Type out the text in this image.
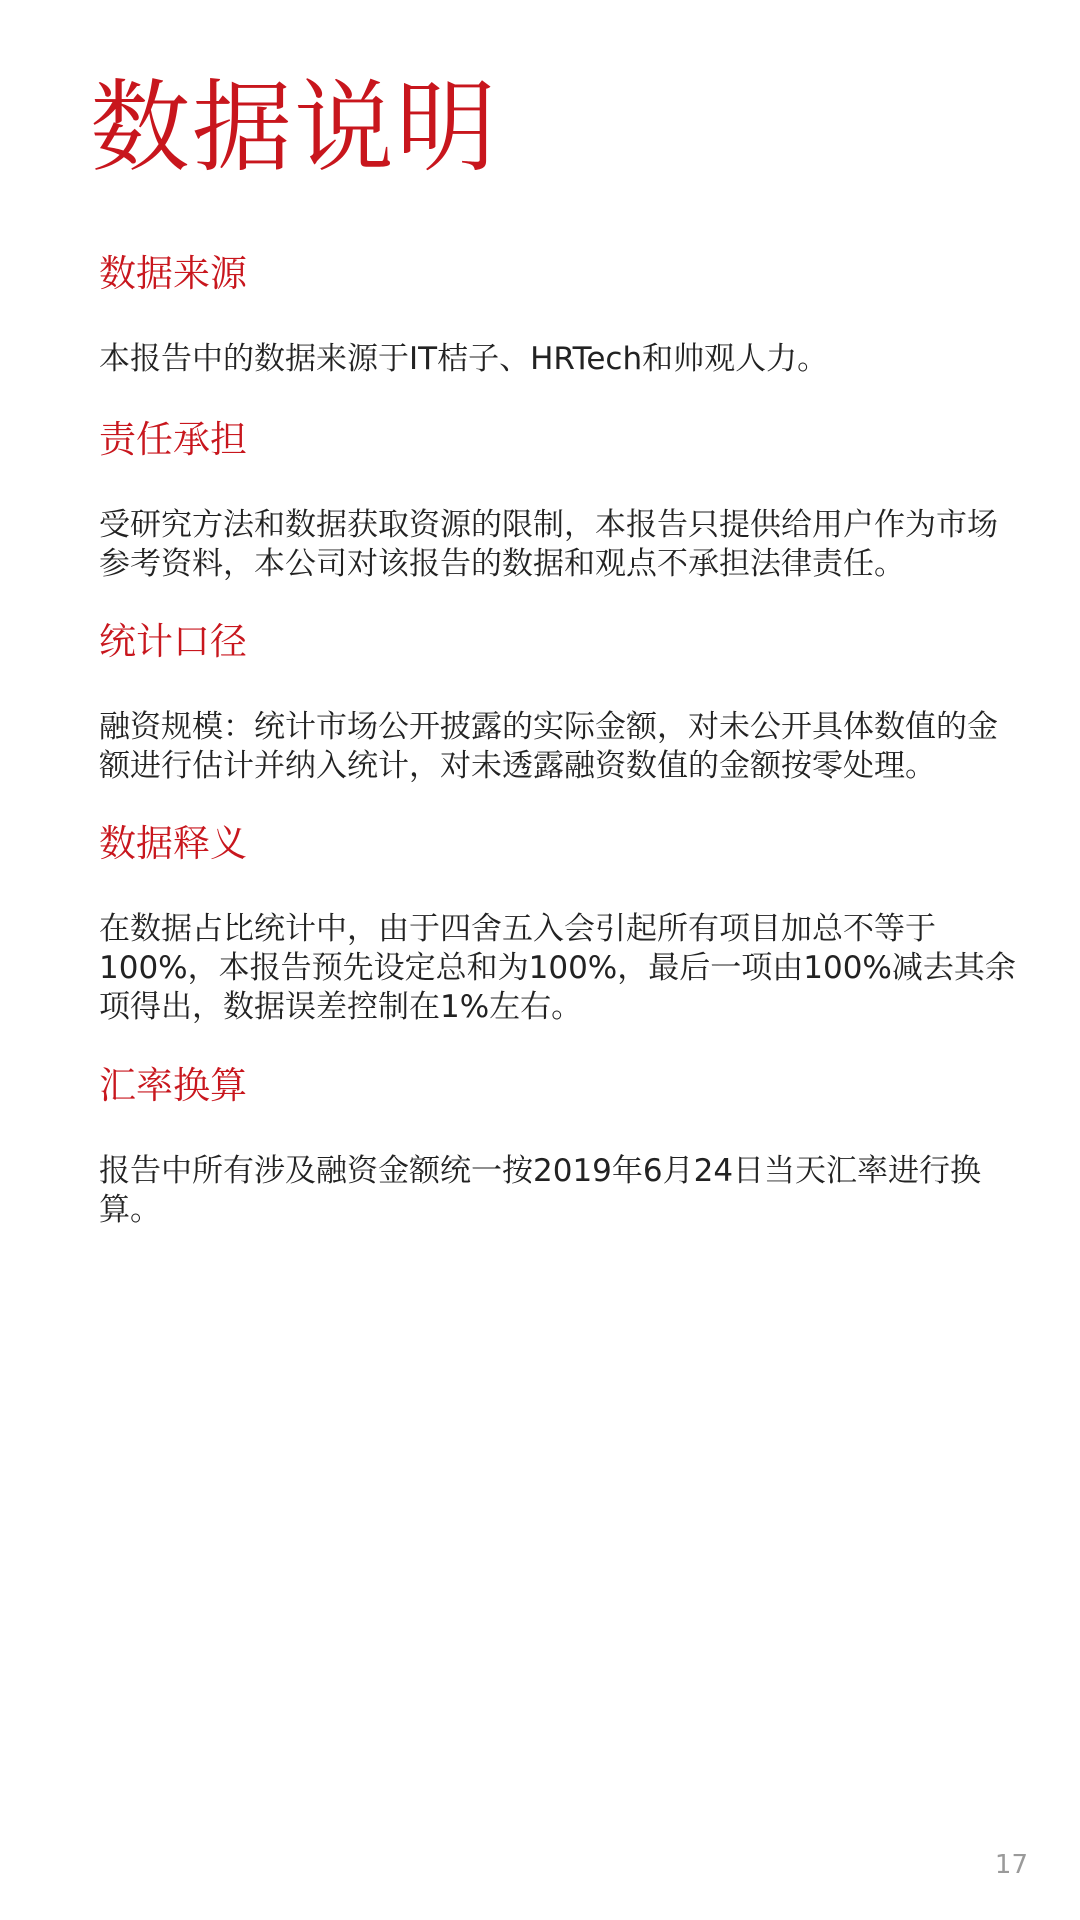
数据说明
数据来源

本报告中的数据来源于IT桔子、HRTech和帅观人力。

责任承担

受研究方法和数据获取资源的限制，本报告只提供给用户作为市场参考资料，本公司对该报告的数据和观点不承担法律责任。

统计口径

融资规模：统计市场公开披露的实际金额，对未公开具体数值的金额进行估计并纳入统计，对未透露融资数值的金额按零处理。

数据释义

在数据占比统计中，由于四舍五入会引起所有项目加总不等于100%，本报告预先设定总和为100%，最后一项由100%减去其余项得出，数据误差控制在1%左右。

汇率换算

报告中所有涉及融资金额统一按2019年6月24日当天汇率进行换算。

17
